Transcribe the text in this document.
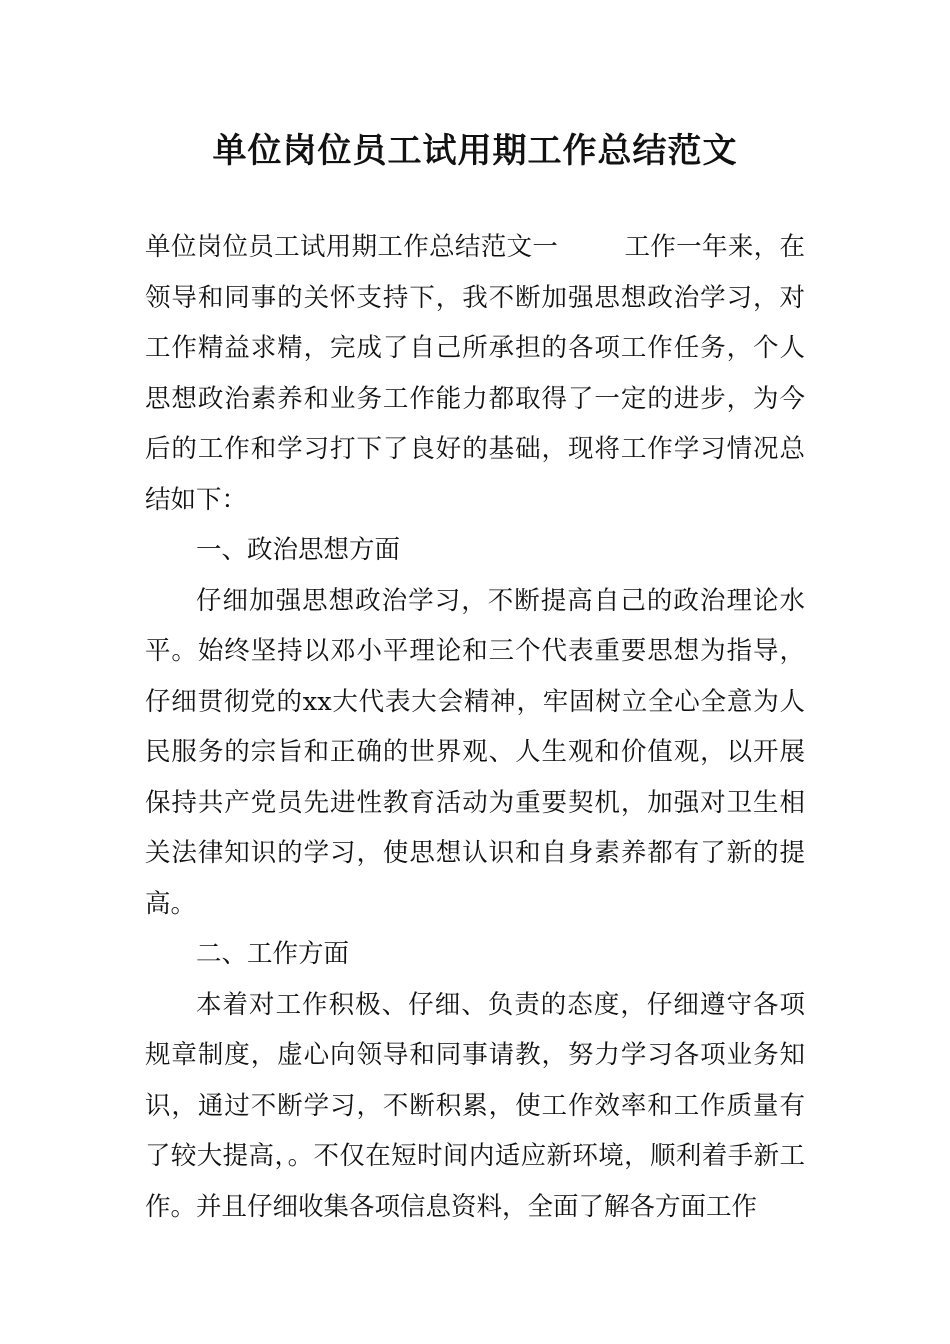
单位岗位员工试用期工作总结范文

单位岗位员工试用期工作总结范文一	工作一年来，在领导和同事的关怀支持下，我不断加强思想政治学习，对工作精益求精，完成了自己所承担的各项工作任务，个人思想政治素养和业务工作能力都取得了一定的进步，为今后的工作和学习打下了良好的基础，现将工作学习情况总结如下：

一、政治思想方面

仔细加强思想政治学习，不断提高自己的政治理论水平。始终坚持以邓小平理论和三个代表重要思想为指导，仔细贯彻党的xx大代表大会精神，牢固树立全心全意为人民服务的宗旨和正确的世界观、人生观和价值观，以开展保持共产党员先进性教育活动为重要契机，加强对卫生相关法律知识的学习，使思想认识和自身素养都有了新的提高。

二、工作方面

本着对工作积极、仔细、负责的态度，仔细遵守各项规章制度，虚心向领导和同事请教，努力学习各项业务知识，通过不断学习，不断积累，使工作效率和工作质量有了较大提高，。不仅在短时间内适应新环境，顺利着手新工作。并且仔细收集各项信息资料，全面了解各方面工作
